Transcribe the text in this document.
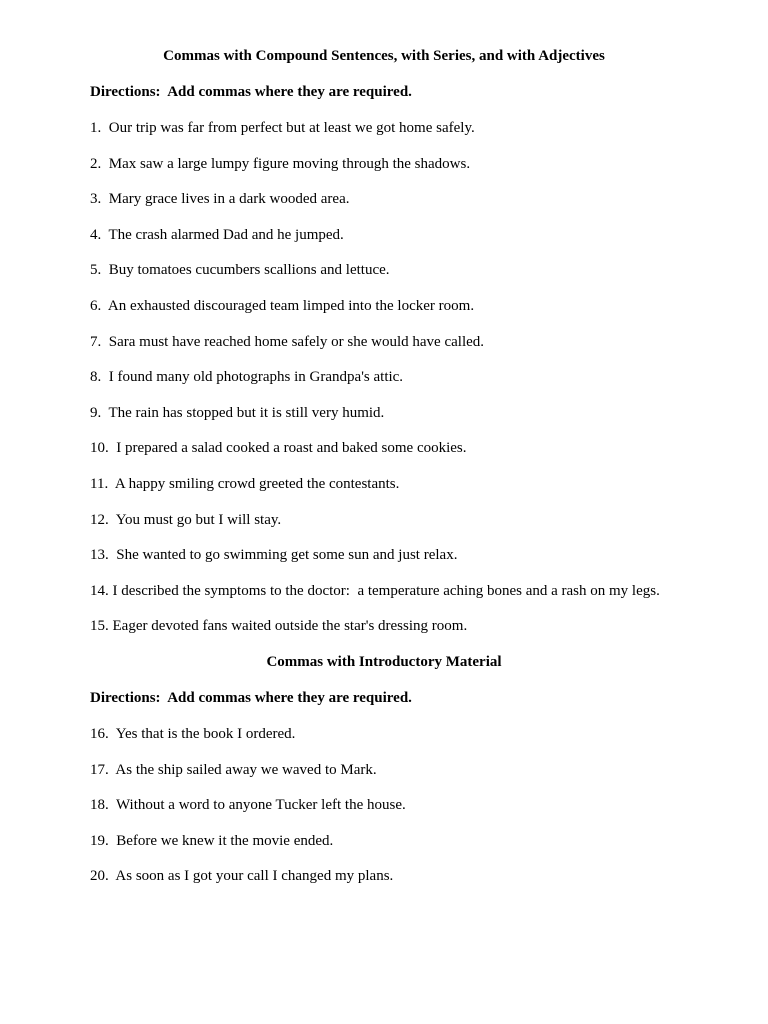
Commas with Compound Sentences, with Series, and with Adjectives
Directions:  Add commas where they are required.
1.  Our trip was far from perfect but at least we got home safely.
2.  Max saw a large lumpy figure moving through the shadows.
3.  Mary grace lives in a dark wooded area.
4.  The crash alarmed Dad and he jumped.
5.  Buy tomatoes cucumbers scallions and lettuce.
6.  An exhausted discouraged team limped into the locker room.
7.  Sara must have reached home safely or she would have called.
8.  I found many old photographs in Grandpa's attic.
9.  The rain has stopped but it is still very humid.
10.  I prepared a salad cooked a roast and baked some cookies.
11.  A happy smiling crowd greeted the contestants.
12.  You must go but I will stay.
13.  She wanted to go swimming get some sun and just relax.
14. I described the symptoms to the doctor:  a temperature aching bones and a rash on my legs.
15. Eager devoted fans waited outside the star's dressing room.
Commas with Introductory Material
Directions:  Add commas where they are required.
16.  Yes that is the book I ordered.
17.  As the ship sailed away we waved to Mark.
18.  Without a word to anyone Tucker left the house.
19.  Before we knew it the movie ended.
20.  As soon as I got your call I changed my plans.
